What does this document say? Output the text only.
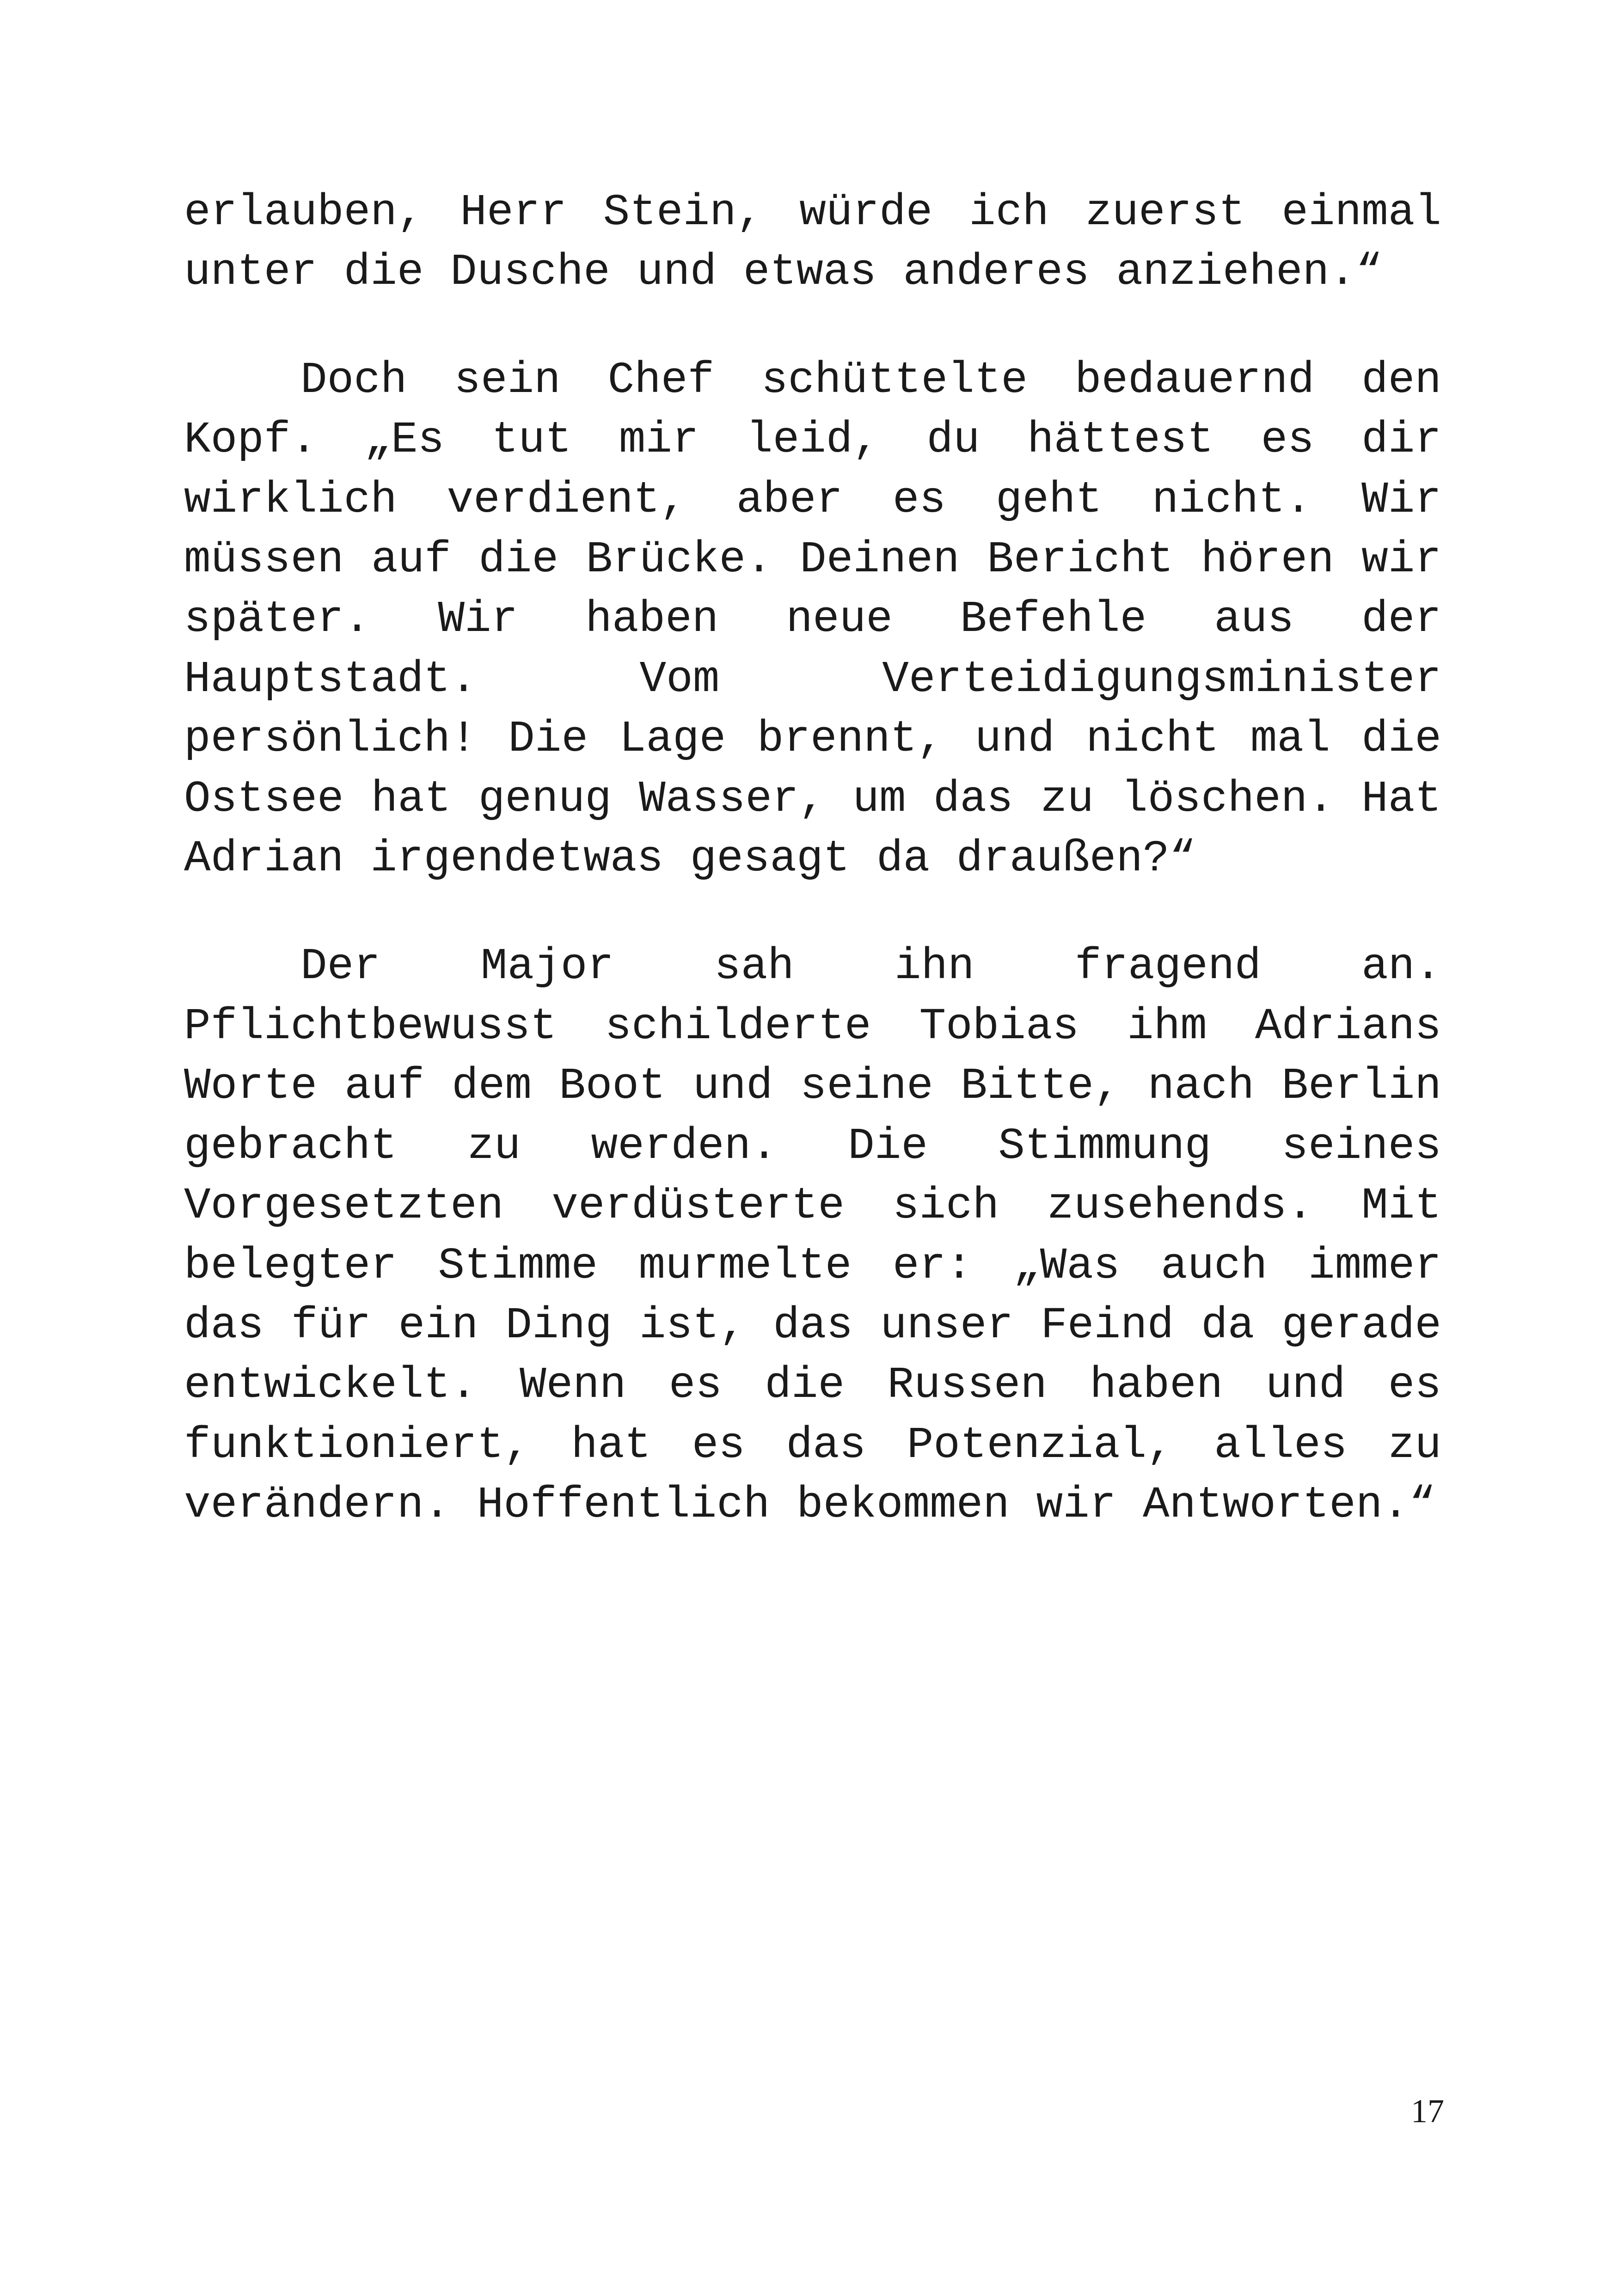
erlauben, Herr Stein, würde ich zuerst einmal unter die Dusche und etwas anderes anziehen.“

Doch sein Chef schüttelte bedauernd den Kopf. „Es tut mir leid, du hättest es dir wirklich verdient, aber es geht nicht. Wir müssen auf die Brücke. Deinen Bericht hören wir später. Wir haben neue Befehle aus der Hauptstadt. Vom Verteidigungsminister persönlich! Die Lage brennt, und nicht mal die Ostsee hat genug Wasser, um das zu löschen. Hat Adrian irgendetwas gesagt da draußen?“

Der Major sah ihn fragend an. Pflichtbewusst schilderte Tobias ihm Adrians Worte auf dem Boot und seine Bitte, nach Berlin gebracht zu werden. Die Stimmung seines Vorgesetzten verdüsterte sich zusehends. Mit belegter Stimme murmelte er: „Was auch immer das für ein Ding ist, das unser Feind da gerade entwickelt. Wenn es die Russen haben und es funktioniert, hat es das Potenzial, alles zu verändern. Hoffentlich bekommen wir Antworten.“

17
